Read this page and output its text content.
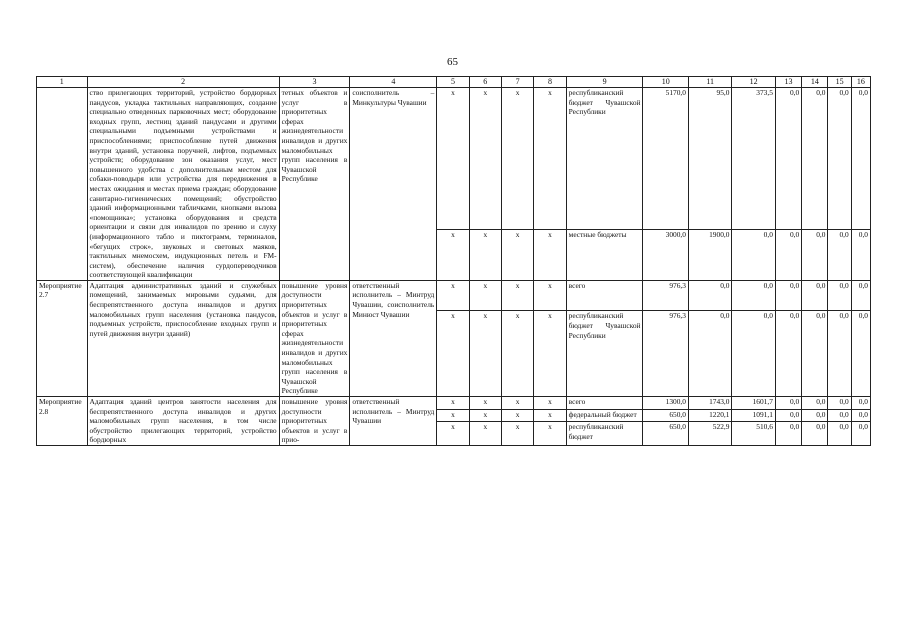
65
1	2	3	4	5	6	7	8	9	10	11	12	13	14	15	16
	ство прилегающих территорий, устройство бордюрных пандусов, укладка тактильных направляющих, создание специально отведенных парковочных мест; оборудование входных групп, лестниц зданий пандусами и другими специальными подъемными устройствами и приспособлениями; приспособление путей движения внутри зданий, установка поручней, лифтов, подъемных устройств; оборудование зон оказания услуг, мест повышенного удобства с дополнительным местом для собаки-поводыря или устройства для передвижения в местах ожидания и местах приема граждан; оборудование санитарно-гигиенических помещений; обустройство зданий информационными табличками, кнопками вызова «помощника»; установка оборудования и средств ориентации и связи для инвалидов по зрению и слуху (информационного табло и пиктограмм, терминалов, «бегущих строк», звуковых и световых маяков, тактильных мнемосхем, индукционных петель и FM-систем), обеспечение наличия сурдопереводчиков соответствующей квалификации	тетных объектов и услуг в приоритетных сферах жизнедеятельности инвалидов и других маломобильных групп населения в Чувашской Республике	соисполнитель – Минкультуры Чувашии	x	x	x	x	республиканский бюджет Чувашской Республики	5170,0	95,0	373,5	0,0	0,0	0,0	0,0
				x	x	x	x	местные бюджеты	3000,0	1900,0	0,0	0,0	0,0	0,0	0,0
Мероприятие 2.7	Адаптация административных зданий и служебных помещений, занимаемых мировыми судьями, для беспрепятственного доступа инвалидов и других маломобильных групп населения (установка пандусов, подъемных устройств, приспособление входных групп и путей движения внутри зданий)	повышение уровня доступности приоритетных объектов и услуг в приоритетных сферах жизнедеятельности инвалидов и других маломобильных групп населения в Чувашской Республике	ответственный исполнитель – Минтруд Чувашии, соисполнитель Минюст Чувашии	x	x	x	x	всего	976,3	0,0	0,0	0,0	0,0	0,0	0,0
				x	x	x	x	республиканский бюджет Чувашской Республики	976,3	0,0	0,0	0,0	0,0	0,0	0,0
Мероприятие 2.8	Адаптация зданий центров занятости населения для беспрепятственного доступа инвалидов и других маломобильных групп населения, в том числе обустройство прилегающих территорий, устройство бордюрных	повышение уровня доступности приоритетных объектов и услуг в прио-	ответственный исполнитель – Минтруд Чувашии	x	x	x	x	всего	1300,0	1743,0	1601,7	0,0	0,0	0,0	0,0
				x	x	x	x	федеральный бюджет	650,0	1220,1	1091,1	0,0	0,0	0,0	0,0
				x	x	x	x	республиканский бюджет	650,0	522,9	510,6	0,0	0,0	0,0	0,0
